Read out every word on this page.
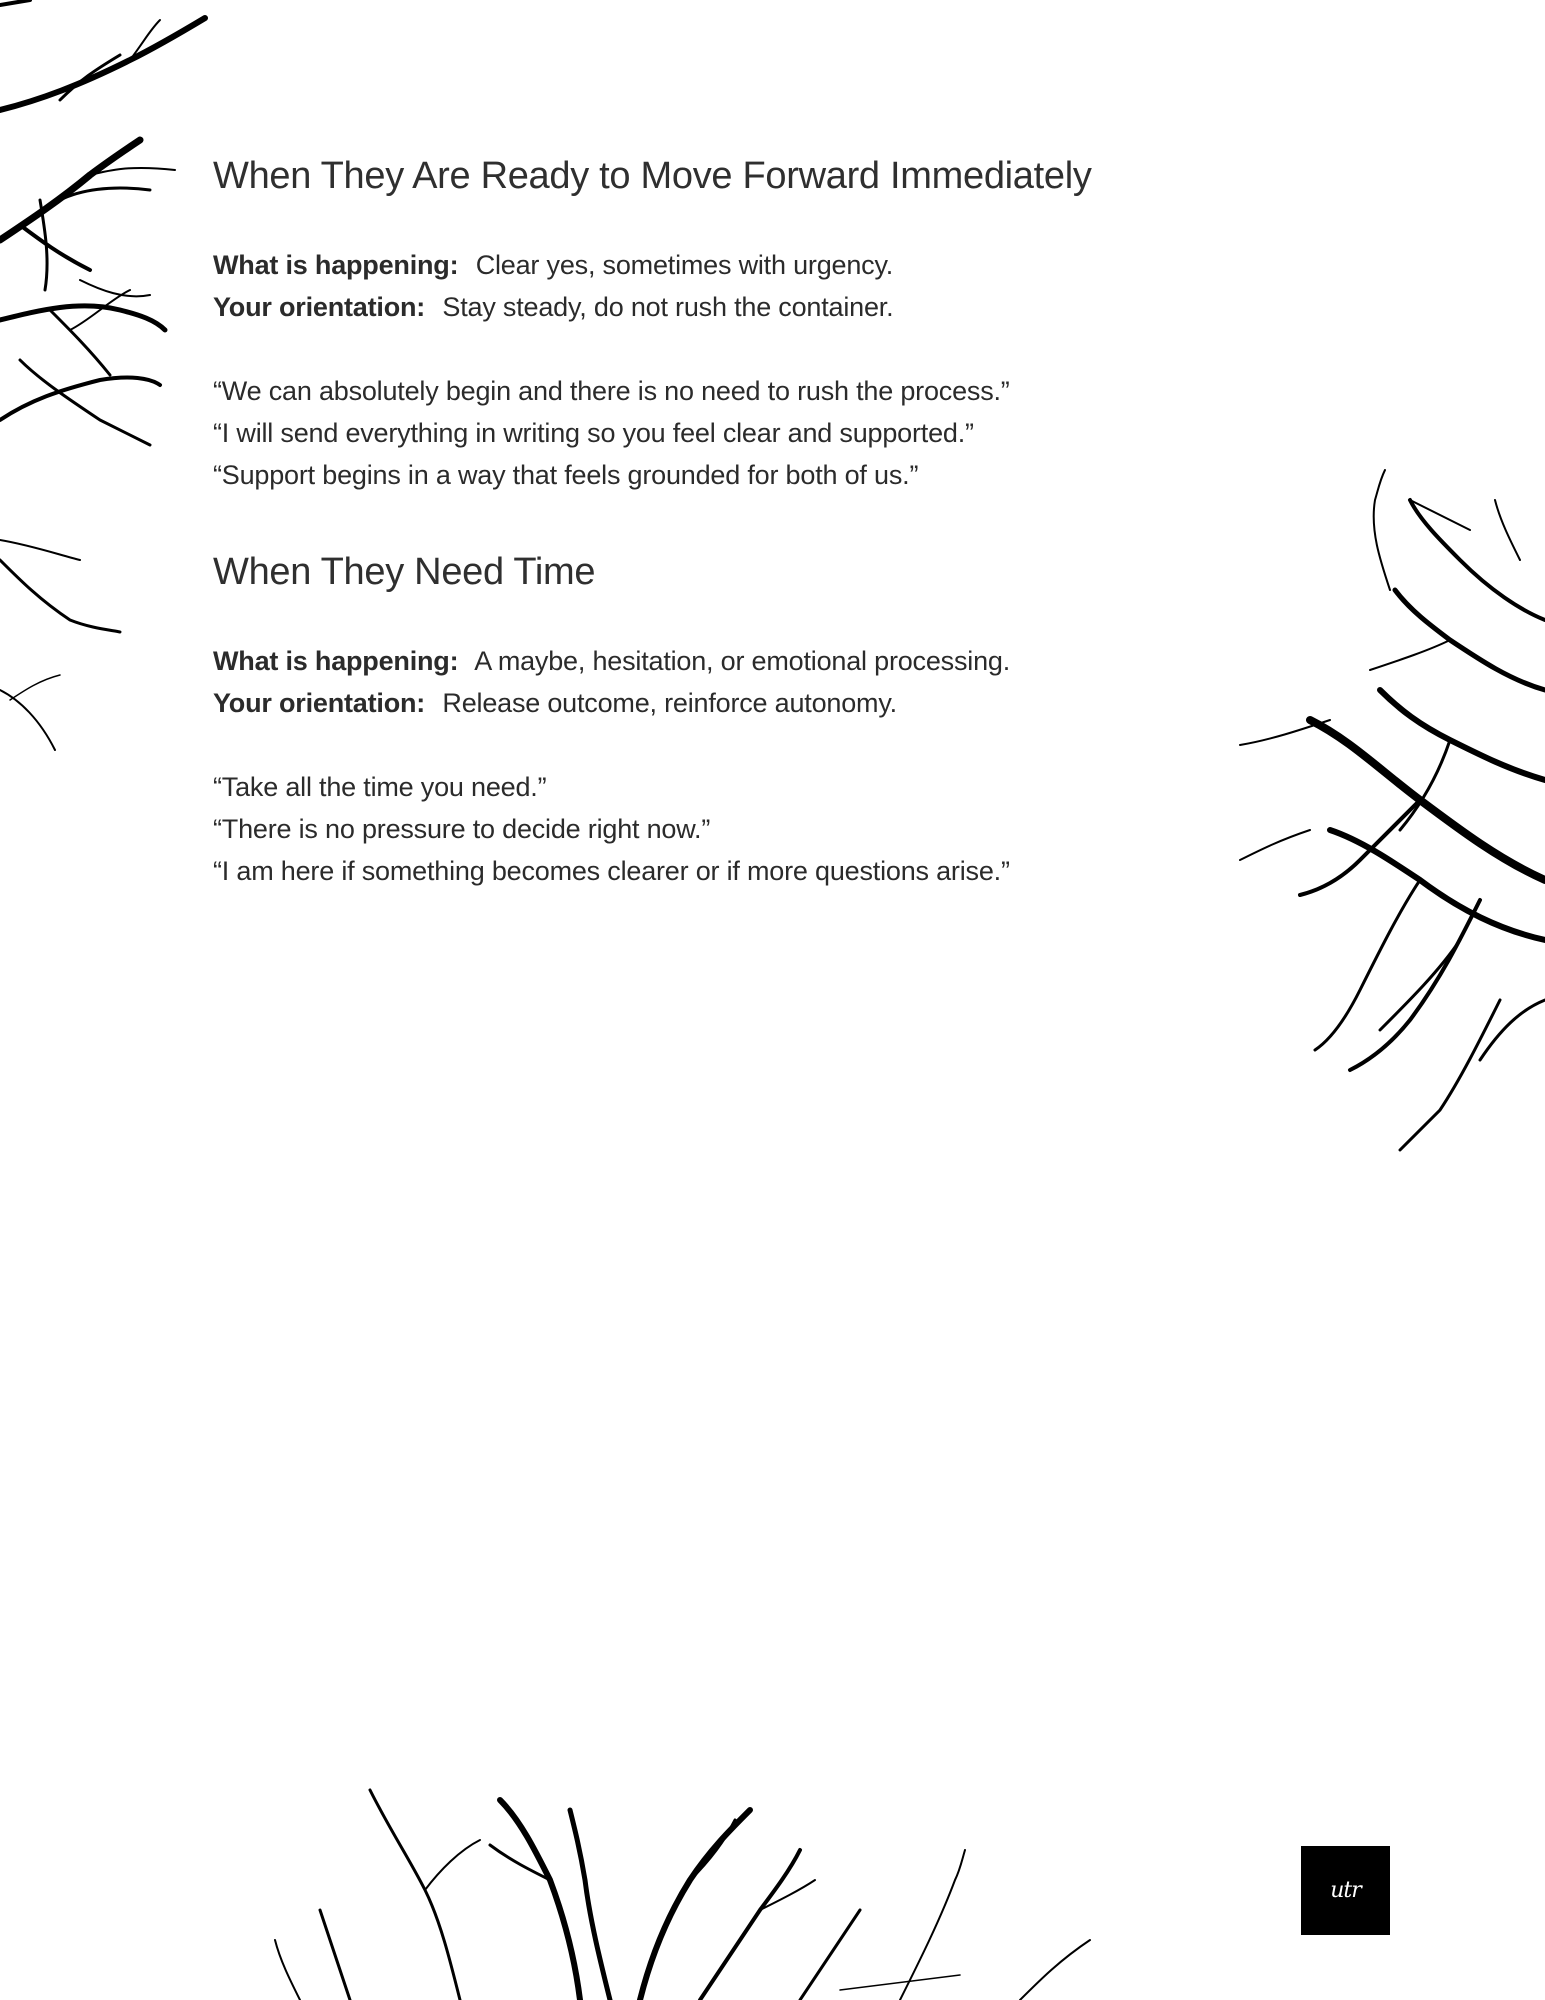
When They Are Ready to Move Forward Immediately
What is happening: Clear yes, sometimes with urgency.
Your orientation: Stay steady, do not rush the container.
“We can absolutely begin and there is no need to rush the process.”
“I will send everything in writing so you feel clear and supported.”
“Support begins in a way that feels grounded for both of us.”
When They Need Time
What is happening: A maybe, hesitation, or emotional processing.
Your orientation: Release outcome, reinforce autonomy.
“Take all the time you need.”
“There is no pressure to decide right now.”
“I am here if something becomes clearer or if more questions arise.”
utr
